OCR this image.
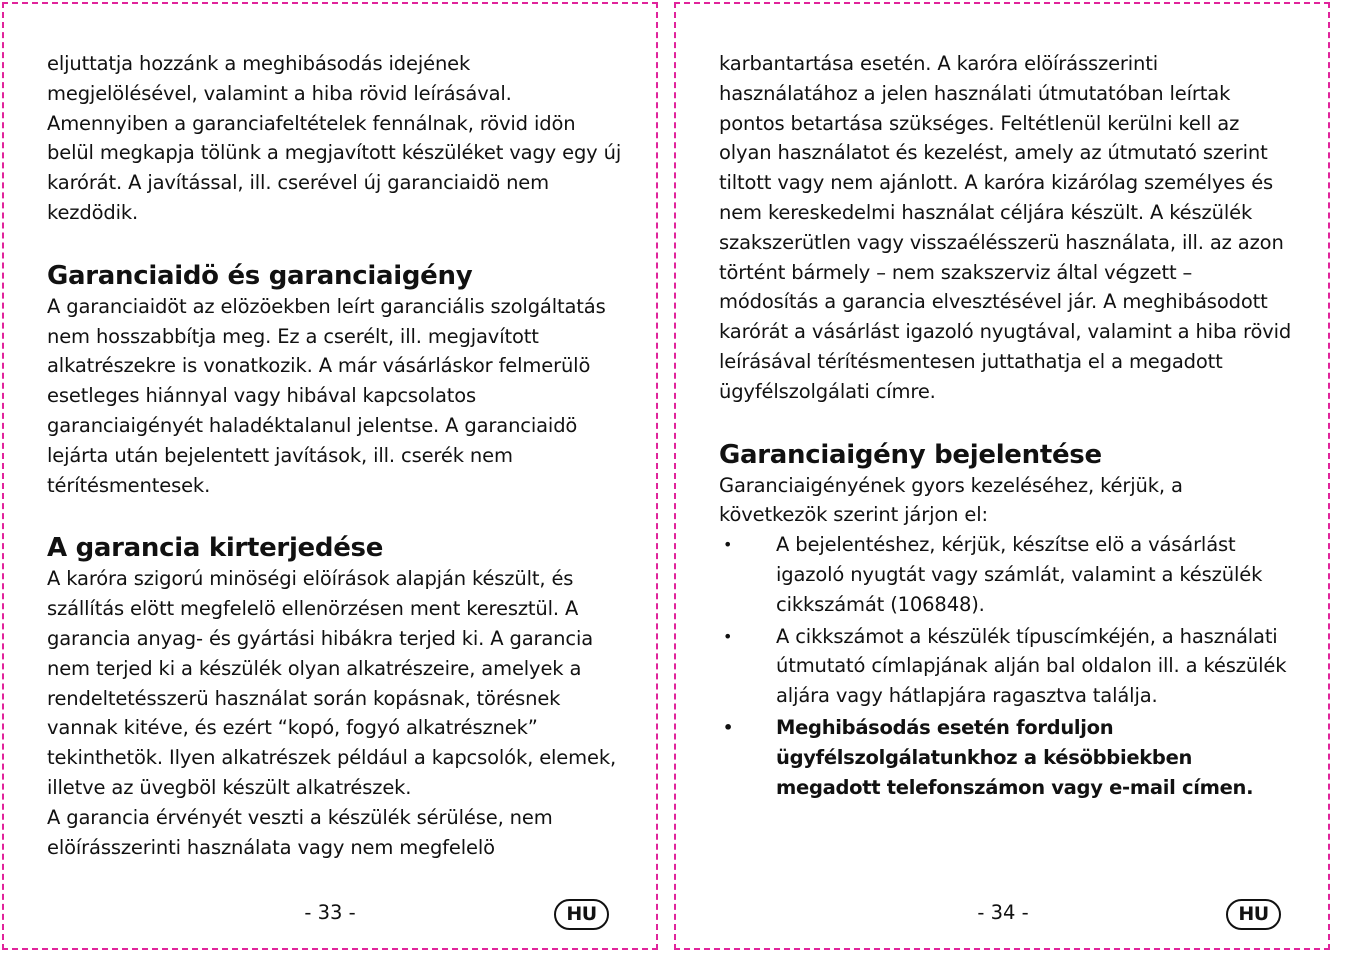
eljuttatja hozzánk a meghibásodás idejének megjelölésével, valamint a hiba rövid leírásával. Amennyiben a garanciafeltételek fennálnak, rövid idön belül megkapja tölünk a megjavított készüléket vagy egy új karórát. A javítással, ill. cserével új garanciaidö nem kezdödik.

Garanciaidö és garanciaigény

A garanciaidöt az elözöekben leírt garanciális szolgáltatás nem hosszabbítja meg. Ez a cserélt, ill. megjavított alkatrészekre is vonatkozik. A már vásárláskor felmerülö esetleges hiánnyal vagy hibával kapcsolatos garanciaigényét haladéktalanul jelentse. A garanciaidö lejárta után bejelentett javítások, ill. cserék nem térítésmentesek.

A garancia kirterjedése

A karóra szigorú minöségi elöírások alapján készült, és szállítás elött megfelelö ellenörzésen ment keresztül. A garancia anyag- és gyártási hibákra terjed ki. A garancia nem terjed ki a készülék olyan alkatrészeire, amelyek a rendeltetésszerü használat során kopásnak, törésnek vannak kitéve, és ezért “kopó, fogyó alkatrésznek” tekinthetök. Ilyen alkatrészek például a kapcsolók, elemek, illetve az üvegböl készült alkatrészek.

A garancia érvényét veszti a készülék sérülése, nem elöírásszerinti használata vagy nem megfelelö

- 33 -	HU

karbantartása esetén. A karóra elöírásszerinti használatához a jelen használati útmutatóban leírtak pontos betartása szükséges. Feltétlenül kerülni kell az olyan használatot és kezelést, amely az útmutató szerint tiltott vagy nem ajánlott. A karóra kizárólag személyes és nem kereskedelmi használat céljára készült. A készülék szakszerütlen vagy visszaélésszerü használata, ill. az azon történt bármely – nem szakszerviz által végzett – módosítás a garancia elvesztésével jár. A meghibásodott karórát a vásárlást igazoló nyugtával, valamint a hiba rövid leírásával térítésmentesen juttathatja el a megadott ügyfélszolgálati címre.

Garanciaigény bejelentése

Garanciaigényének gyors kezeléséhez, kérjük, a következök szerint járjon el:

• A bejelentéshez, kérjük, készítse elö a vásárlást igazoló nyugtát vagy számlát, valamint a készülék cikkszámát (106848).
• A cikkszámot a készülék típuscímkéjén, a használati útmutató címlapjának alján bal oldalon ill. a készülék aljára vagy hátlapjára ragasztva találja.
• Meghibásodás esetén forduljon ügyfélszolgálatunkhoz a késöbbiekben megadott telefonszámon vagy e-mail címen.
- 34 -	HU
